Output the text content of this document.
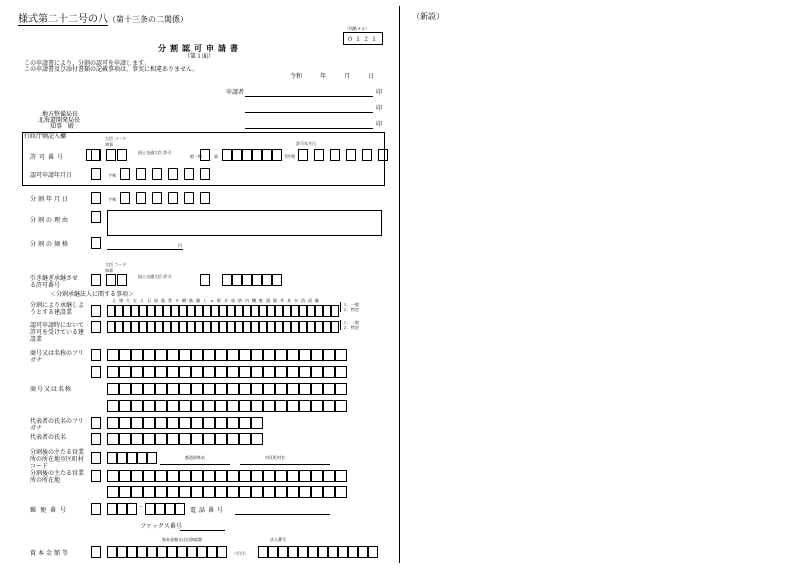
様式第二十二号の八（第十三条の二関係）	（新設）
（用紙Ａ４）
０１２１
分割認可申請書
（第１面）
この申請書により、分割の認可を申請します。
この申請書及び添付書類の記載事項は、事実に相違ありません。
令和　　　	年　　　	月　　　	日
申請者	印
印
印
地方整備局長
北海道開発局長
知事　 殿
行政庁側記入欄
許可番号
大臣 コード
知事
国土交通大臣 許可
般・特	第	号
許可年月日
令和
認可申請年月日	令和
分割年月日	令和
分割の理由
分割の価格	円
引き継ぎ承継させる許可番号
大臣 コード
知事
国土交通大臣 許可
＜分割承継法人に関する事項＞
土建大左と石屋電管タ鋼筋舗しゅ板ガ塗防内機絶通園井具水消清解
分割により承継しようとする建設業
１．一般
２．特定
認可申請時において許可を受けている建設業
１．一般
２．特定
商号又は名称のフリガナ
商号又は名称
代表者の氏名のフリガナ
代表者の氏名
分割後の主たる営業所の所在地市区町村コード
都道府県名	市区町村名
分割後の主たる営業所の所在地
郵便番号
-
電話番号
ファックス番号
資本金額等
資本金額又は出資総額
（千円）
法人番号
